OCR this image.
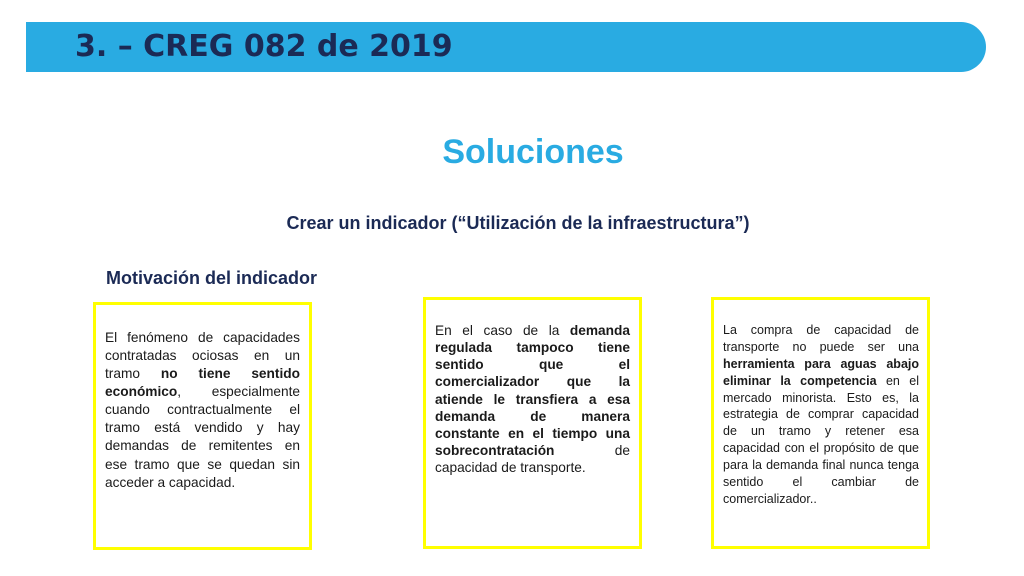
3. – CREG 082 de 2019
Soluciones
Crear un indicador (“Utilización de la infraestructura”)
Motivación del indicador

El fenómeno de capacidades contratadas ociosas en un tramo no tiene sentido económico, especialmente cuando contractualmente el tramo está vendido y hay demandas de remitentes en ese tramo que se quedan sin acceder a capacidad.

En el caso de la demanda regulada tampoco tiene sentido que el comercializador que la atiende le transfiera a esa demanda de manera constante en el tiempo una sobrecontratación de capacidad de transporte.

La compra de capacidad de transporte no puede ser una herramienta para aguas abajo eliminar la competencia en el mercado minorista. Esto es, la estrategia de comprar capacidad de un tramo y retener esa capacidad con el propósito de que para la demanda final nunca tenga sentido el cambiar de comercializador..
